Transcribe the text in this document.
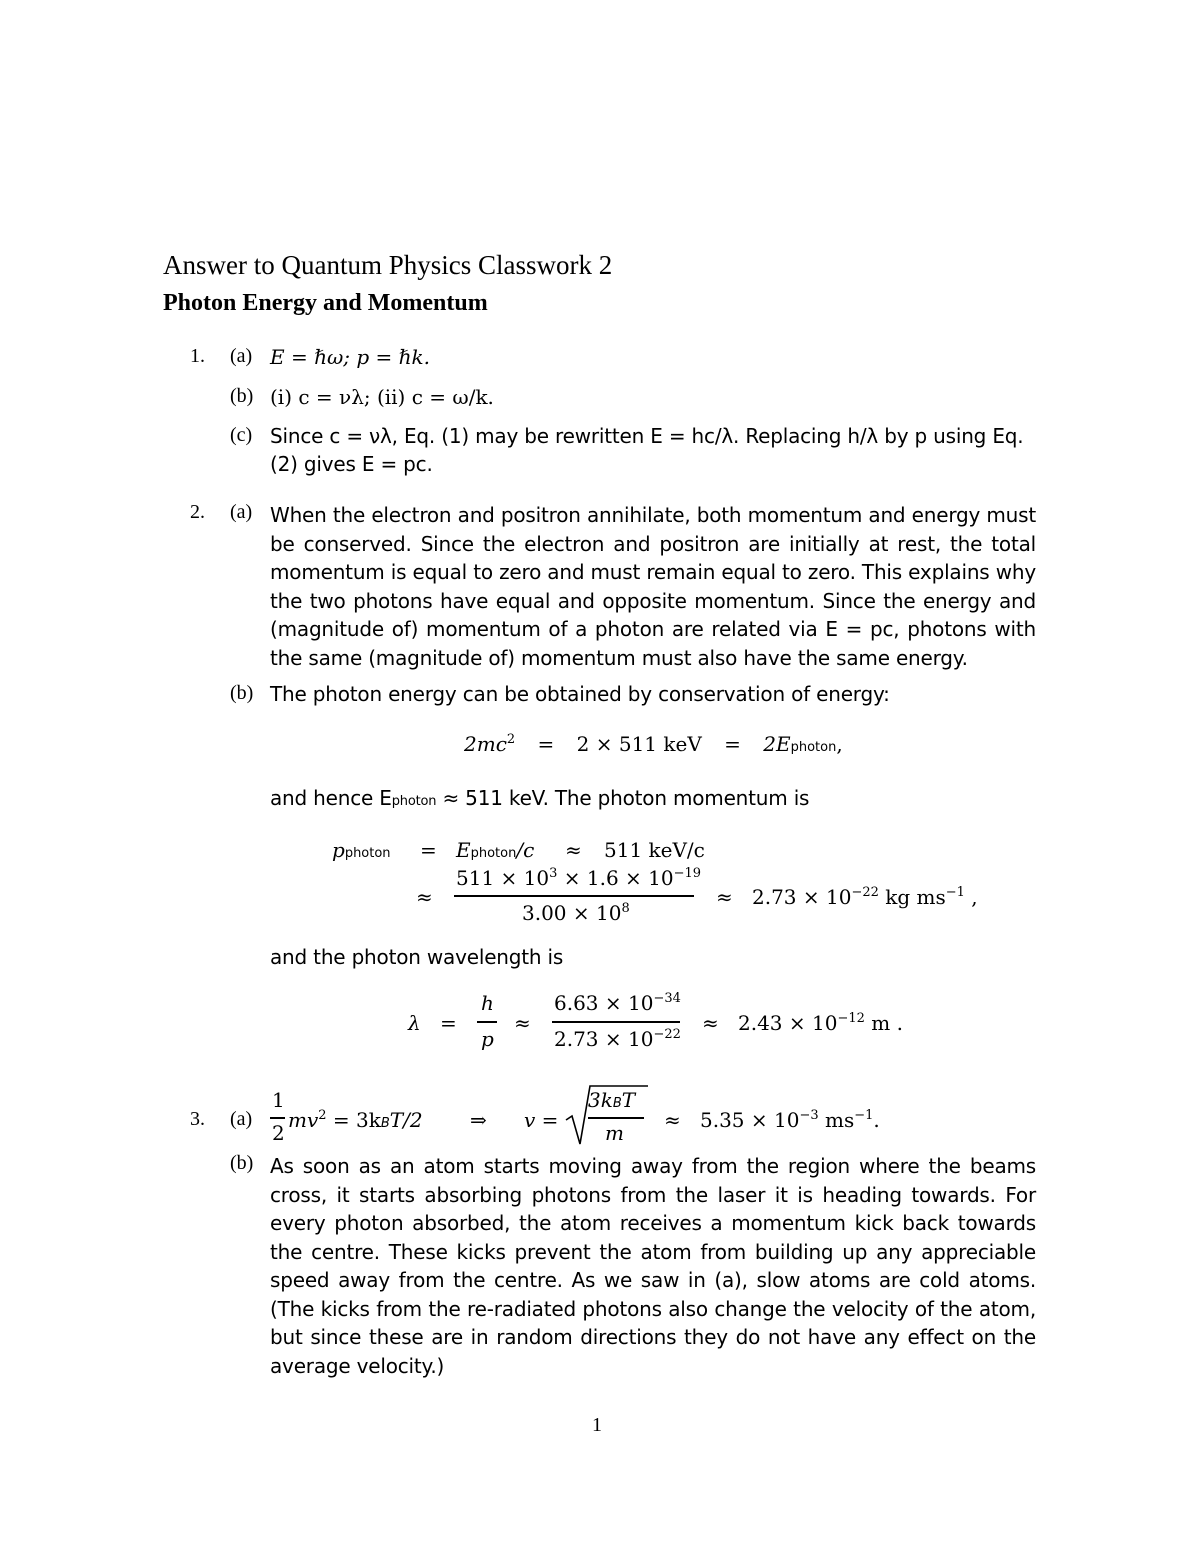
Answer to Quantum Physics Classwork 2
Photon Energy and Momentum
1. (a) E = ℏω; p = ℏk.
(b) (i) c = νλ; (ii) c = ω/k.
(c) Since c = νλ, Eq. (1) may be rewritten E = hc/λ. Replacing h/λ by p using Eq.
(2) gives E = pc.
2. (a) When the electron and positron annihilate, both momentum and energy must be conserved. Since the electron and positron are initially at rest, the total momentum is equal to zero and must remain equal to zero. This explains why the two photons have equal and opposite momentum. Since the energy and (magnitude of) momentum of a photon are related via E = pc, photons with the same (magnitude of) momentum must also have the same energy.
(b) The photon energy can be obtained by conservation of energy:
$2mc^2 = 2 \times 511$ keV = 2Ephoton,
and hence Ephoton ≈ 511 keV. The photon momentum is
pphoton = Ephoton/c ≈ 511 keV/c
≈
$511 \times 10^3 \times 1.6 \times 10^{-19}$
$3.00 \times 10^8$	≈ $2.73 \times 10^{-22}$ kg $ms^{-1}$ ,
and the photon wavelength is
λ =
h
p
≈
$6.63 \times 10^{-34}$
$2.73 \times 10^{-22} \approx 2.43 \times 10^{-12}$ m .
3. (a)
1
2
$mv^2 = 3kBT/2$ ⇒ v =
3kBT
m
≈ $5.35 \times 10^{-3}$ $ms^{-1}$.
(b) As soon as an atom starts moving away from the region where the beams cross, it starts absorbing photons from the laser it is heading towards. For every photon absorbed, the atom receives a momentum kick back towards the centre. These kicks prevent the atom from building up any appreciable speed away from the centre. As we saw in (a), slow atoms are cold atoms. (The kicks from the re-radiated photons also change the velocity of the atom, but since these are in random directions they do not have any effect on the average velocity.)
1
